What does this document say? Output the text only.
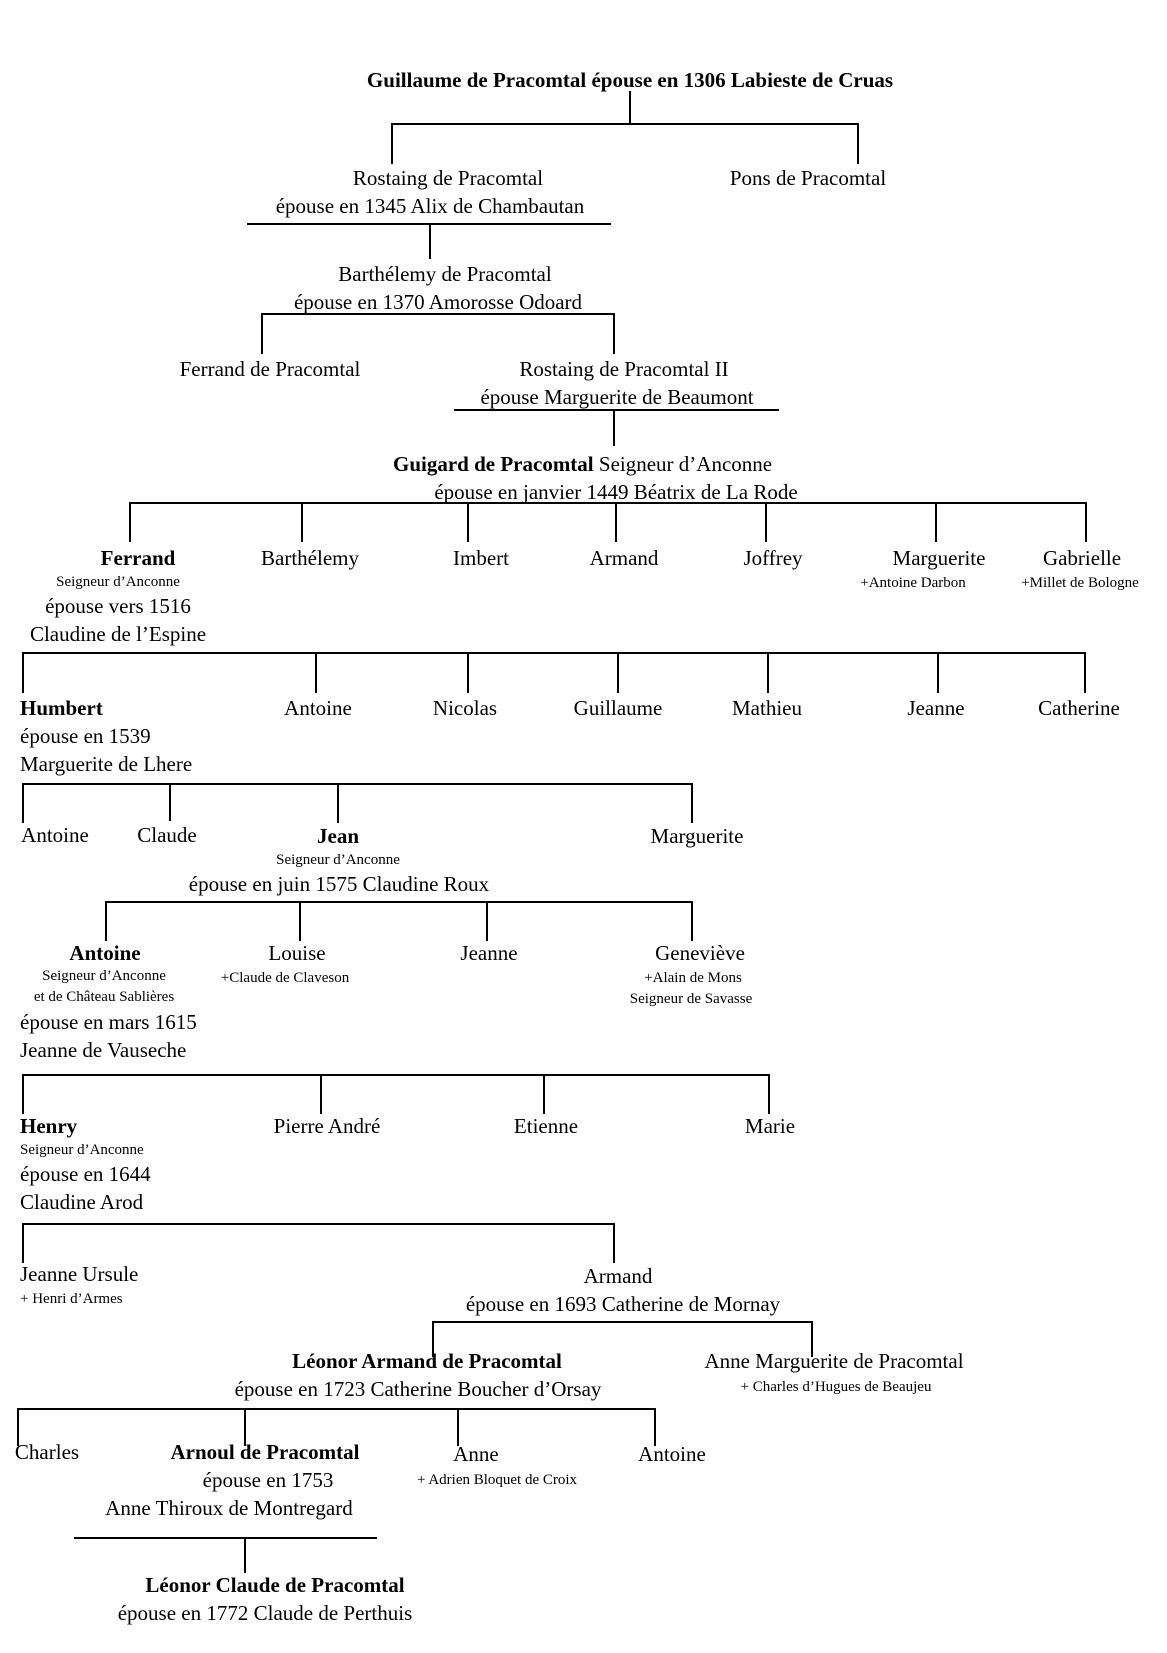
Guillaume de Pracomtal épouse en 1306 Labieste de Cruas
Rostaing de Pracomtal
épouse en 1345 Alix de Chambautan
Pons de Pracomtal
Barthélemy de Pracomtal
épouse en 1370 Amorosse Odoard
Ferrand de Pracomtal	Rostaing de Pracomtal II
épouse Marguerite de Beaumont
Guigard de Pracomtal Seigneur d’Anconne
épouse en janvier 1449 Béatrix de La Rode
Ferrand
Seigneur d’Anconne
épouse vers 1516
Claudine de l’Espine
Barthélemy	Imbert	Armand	Joffrey	Marguerite
+Antoine Darbon
Gabrielle
+Millet de Bologne
Humbert
épouse en 1539
Marguerite de Lhere
Antoine	Nicolas	Guillaume	Mathieu	Jeanne	Catherine
Antoine Claude	Jean
Seigneur d’Anconne
épouse en juin 1575 Claudine Roux
Marguerite
Antoine
Seigneur d’Anconne
et de Château Sablières
épouse en mars 1615
Jeanne de Vauseche
Louise
+Claude de Claveson
Jeanne	Geneviève
+Alain de Mons
Seigneur de Savasse
Henry
Seigneur d’Anconne
épouse en 1644
Claudine Arod
Pierre André	Etienne	Marie
Jeanne Ursule
+ Henri d’Armes
Armand
épouse en 1693 Catherine de Mornay
Léonor Armand de Pracomtal
épouse en 1723 Catherine Boucher d’Orsay
Anne Marguerite de Pracomtal
+ Charles d’Hugues de Beaujeu
Charles	Arnoul de Pracomtal
épouse en 1753
Anne Thiroux de Montregard
Anne
+ Adrien Bloquet de Croix
Antoine
Léonor Claude de Pracomtal
épouse en 1772 Claude de Perthuis
